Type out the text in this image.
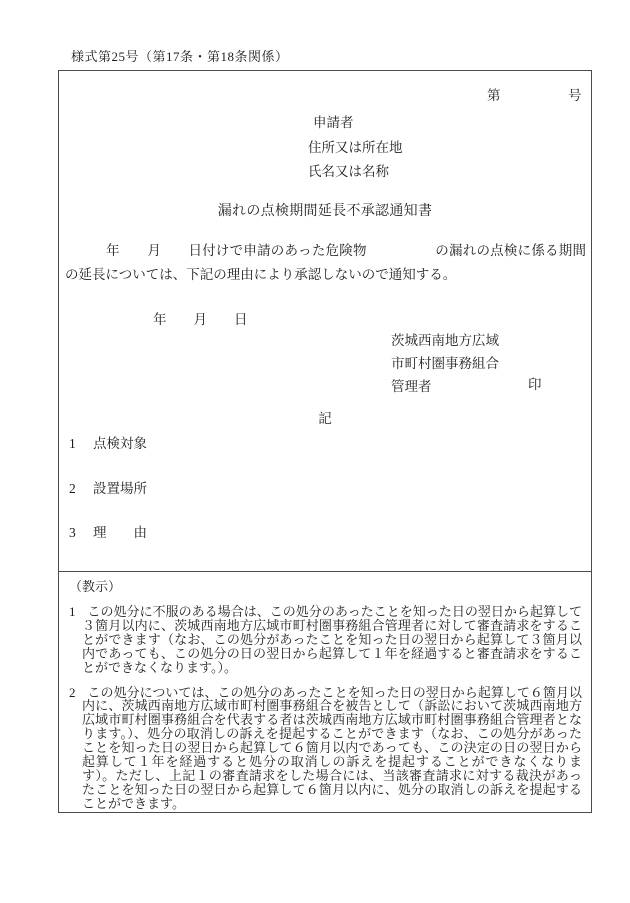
様式第25号（第17条・第18条関係）
第　　　　　号
申請者
住所又は所在地
氏名又は名称
漏れの点検期間延長不承認通知書
　　　年　　月　　日付けで申請のあった危険物　　　　　の漏れの点検に係る期間の延長については、下記の理由により承認しないので通知する。
年　　月　　日
茨城西南地方広域
市町村圏事務組合
管理者	印
記
1 点検対象
2 設置場所
3 理　　由
（教示）
1 この処分に不服のある場合は、この処分のあったことを知った日の翌日から起算して３箇月以内に、茨城西南地方広域市町村圏事務組合管理者に対して審査請求をすることができます（なお、この処分があったことを知った日の翌日から起算して３箇月以内であっても、この処分の日の翌日から起算して１年を経過すると審査請求をすることができなくなります。）。
2 この処分については、この処分のあったことを知った日の翌日から起算して６箇月以内に、茨城西南地方広域市町村圏事務組合を被告として（訴訟において茨城西南地方広域市町村圏事務組合を代表する者は茨城西南地方広域市町村圏事務組合管理者となります。）、処分の取消しの訴えを提起することができます（なお、この処分があったことを知った日の翌日から起算して６箇月以内であっても、この決定の日の翌日から起算して１年を経過すると処分の取消しの訴えを提起することができなくなります）。ただし、上記１の審査請求をした場合には、当該審査請求に対する裁決があったことを知った日の翌日から起算して６箇月以内に、処分の取消しの訴えを提起することができます。
